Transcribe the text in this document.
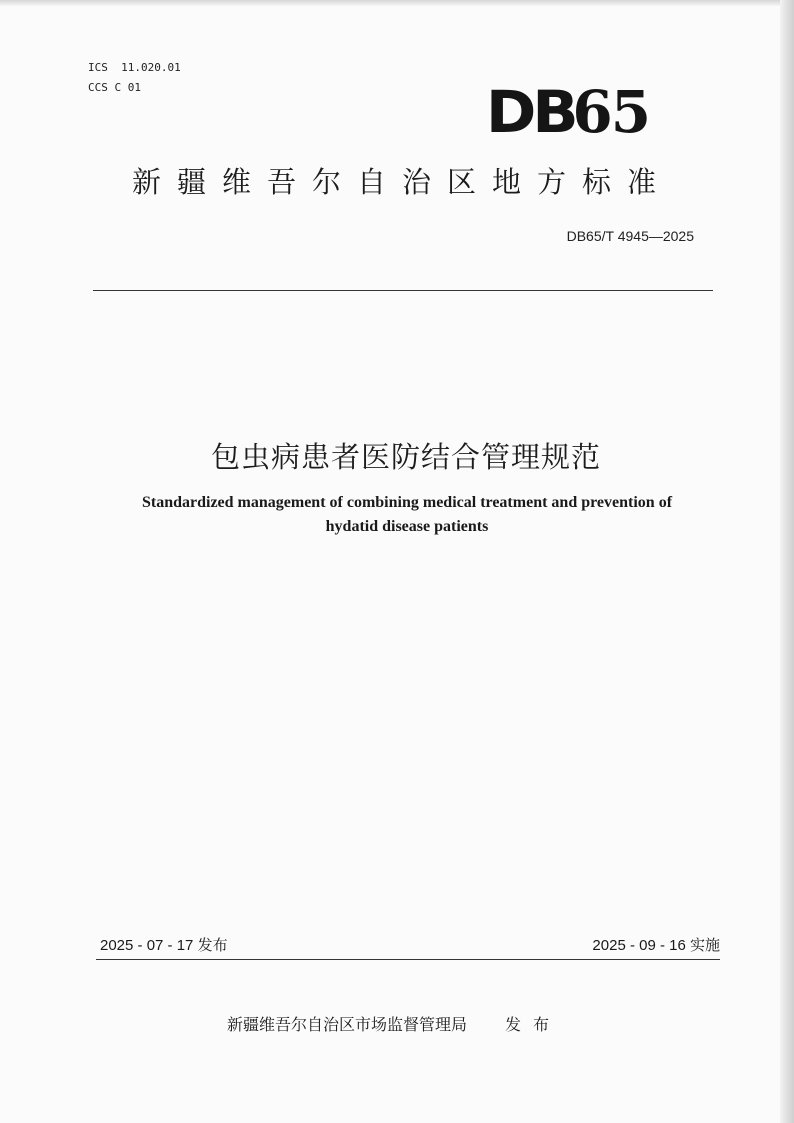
ICS  11.020.01
CCS C 01	DB65
新疆维吾尔自治区地方标准
DB65/T 4945—2025
包虫病患者医防结合管理规范
Standardized management of combining medical treatment and prevention of
hydatid disease patients
2025 - 07 - 17 发布	2025 - 09 - 16 实施
新疆维吾尔自治区市场监督管理局 发布
